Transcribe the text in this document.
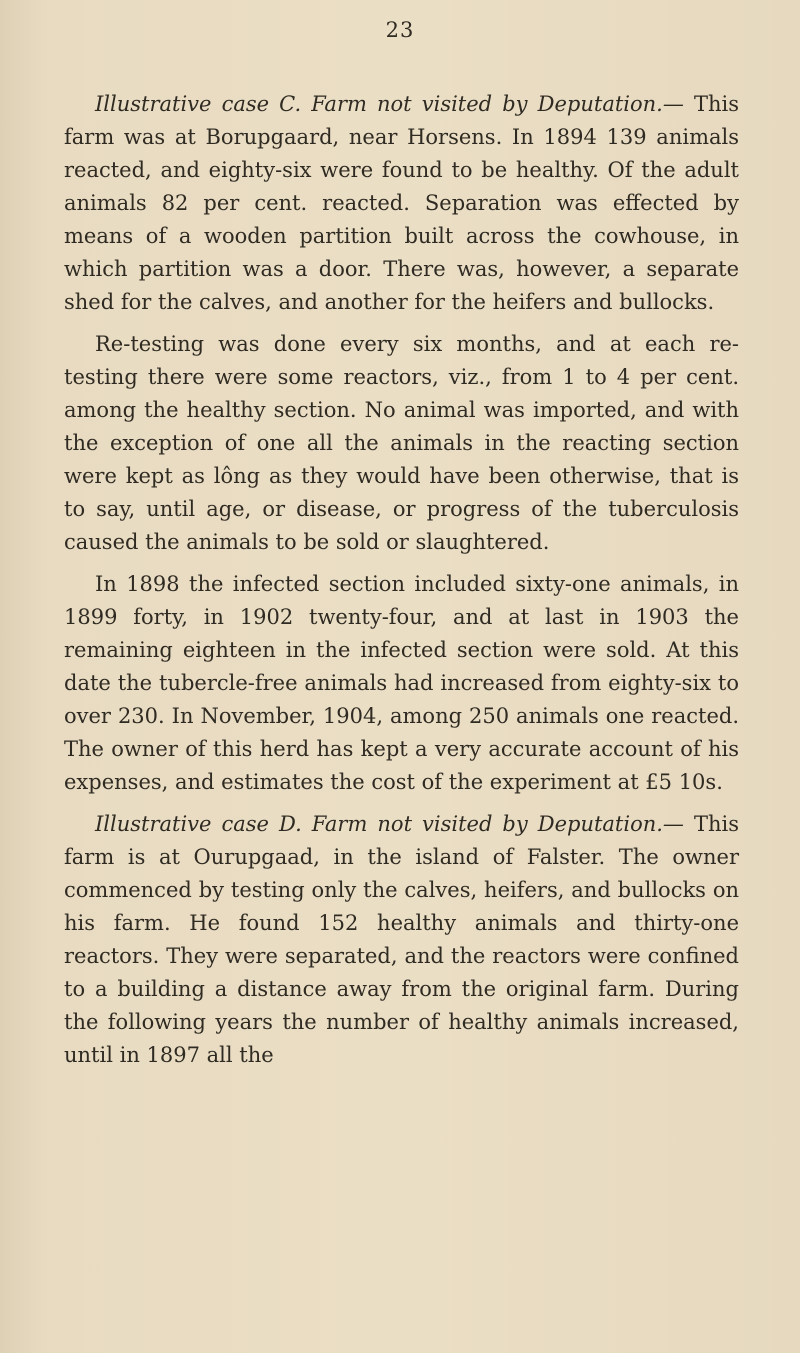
23

Illustrative case C. Farm not visited by Deputation.— This farm was at Borupgaard, near Horsens. In 1894 139 animals reacted, and eighty-six were found to be healthy. Of the adult animals 82 per cent. reacted. Separation was effected by means of a wooden partition built across the cowhouse, in which partition was a door. There was, however, a separate shed for the calves, and another for the heifers and bullocks.

Re-testing was done every six months, and at each re-testing there were some reactors, viz., from 1 to 4 per cent. among the healthy section. No animal was imported, and with the exception of one all the animals in the reacting section were kept as lông as they would have been otherwise, that is to say, until age, or disease, or progress of the tuberculosis caused the animals to be sold or slaughtered.

In 1898 the infected section included sixty-one animals, in 1899 forty, in 1902 twenty-four, and at last in 1903 the remaining eighteen in the infected section were sold. At this date the tubercle-free animals had increased from eighty-six to over 230. In November, 1904, among 250 animals one reacted. The owner of this herd has kept a very accurate account of his expenses, and estimates the cost of the experiment at £5 10s.

Illustrative case D. Farm not visited by Deputation.— This farm is at Ourupgaad, in the island of Falster. The owner commenced by testing only the calves, heifers, and bullocks on his farm. He found 152 healthy animals and thirty-one reactors. They were separated, and the reactors were confined to a building a distance away from the original farm. During the following years the number of healthy animals increased, until in 1897 all the
